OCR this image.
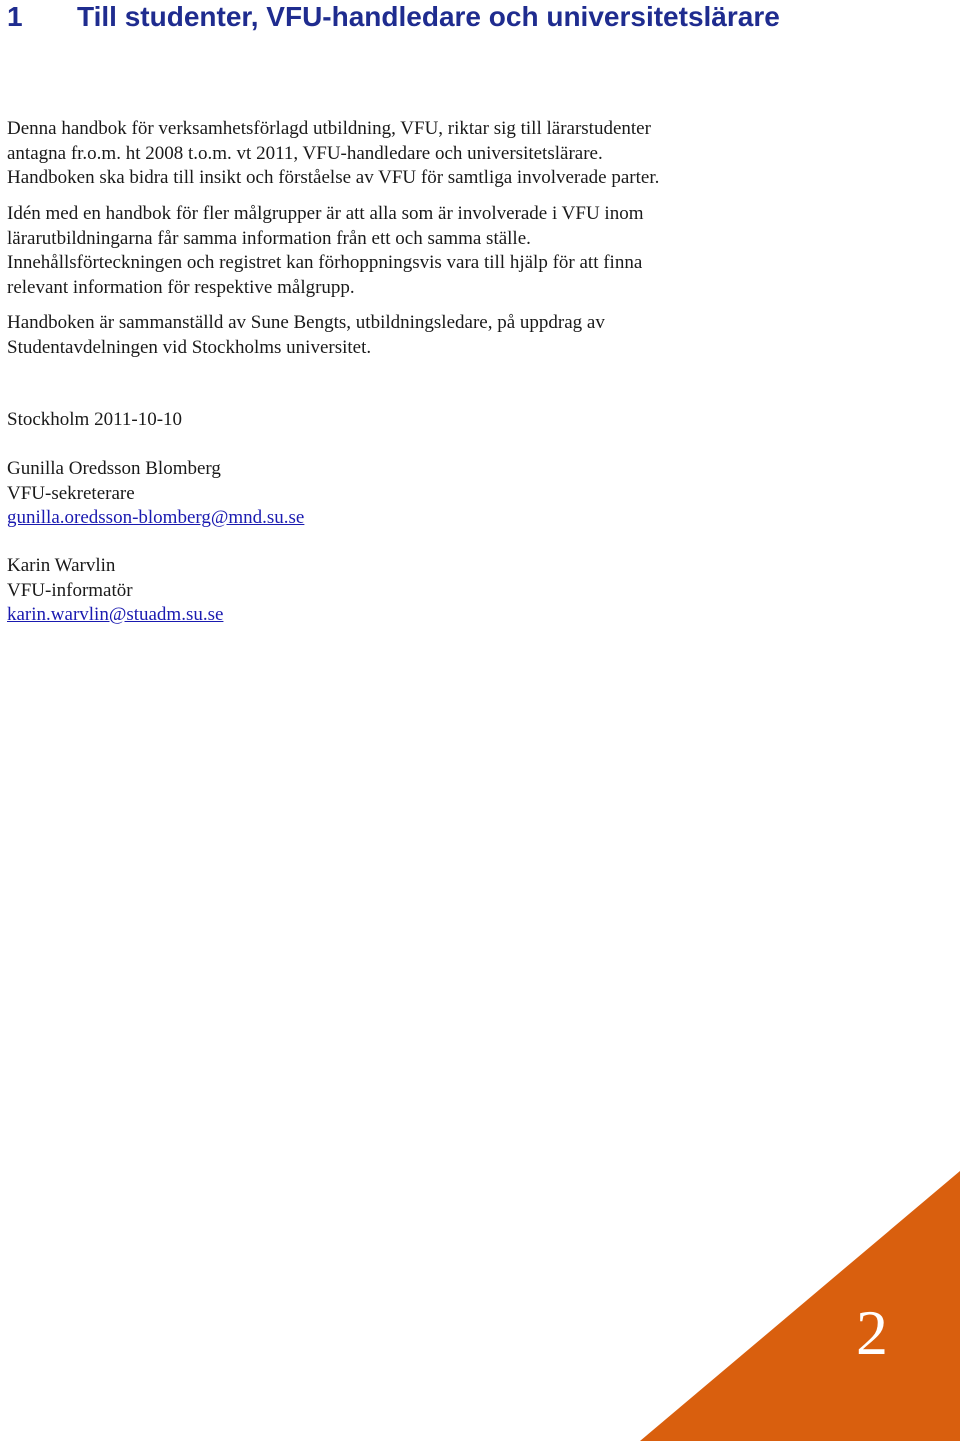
1	Till studenter, VFU-handledare och universitetslärare

Denna handbok för verksamhetsförlagd utbildning, VFU, riktar sig till lärarstudenter

antagna fr.o.m. ht 2008 t.o.m. vt 2011, VFU-handledare och universitetslärare.

Handboken ska bidra till insikt och förståelse av VFU för samtliga involverade parter.

Idén med en handbok för fler målgrupper är att alla som är involverade i VFU inom

lärarutbildningarna får samma information från ett och samma ställe.

Innehållsförteckningen och registret kan förhoppningsvis vara till hjälp för att finna

relevant information för respektive målgrupp.

Handboken är sammanställd av Sune Bengts, utbildningsledare, på uppdrag av

Studentavdelningen vid Stockholms universitet.

Stockholm 2011-10-10

Gunilla Oredsson Blomberg

VFU-sekreterare

gunilla.oredsson-blomberg@mnd.su.se

Karin Warvlin

VFU-informatör

karin.warvlin@stuadm.su.se

2
